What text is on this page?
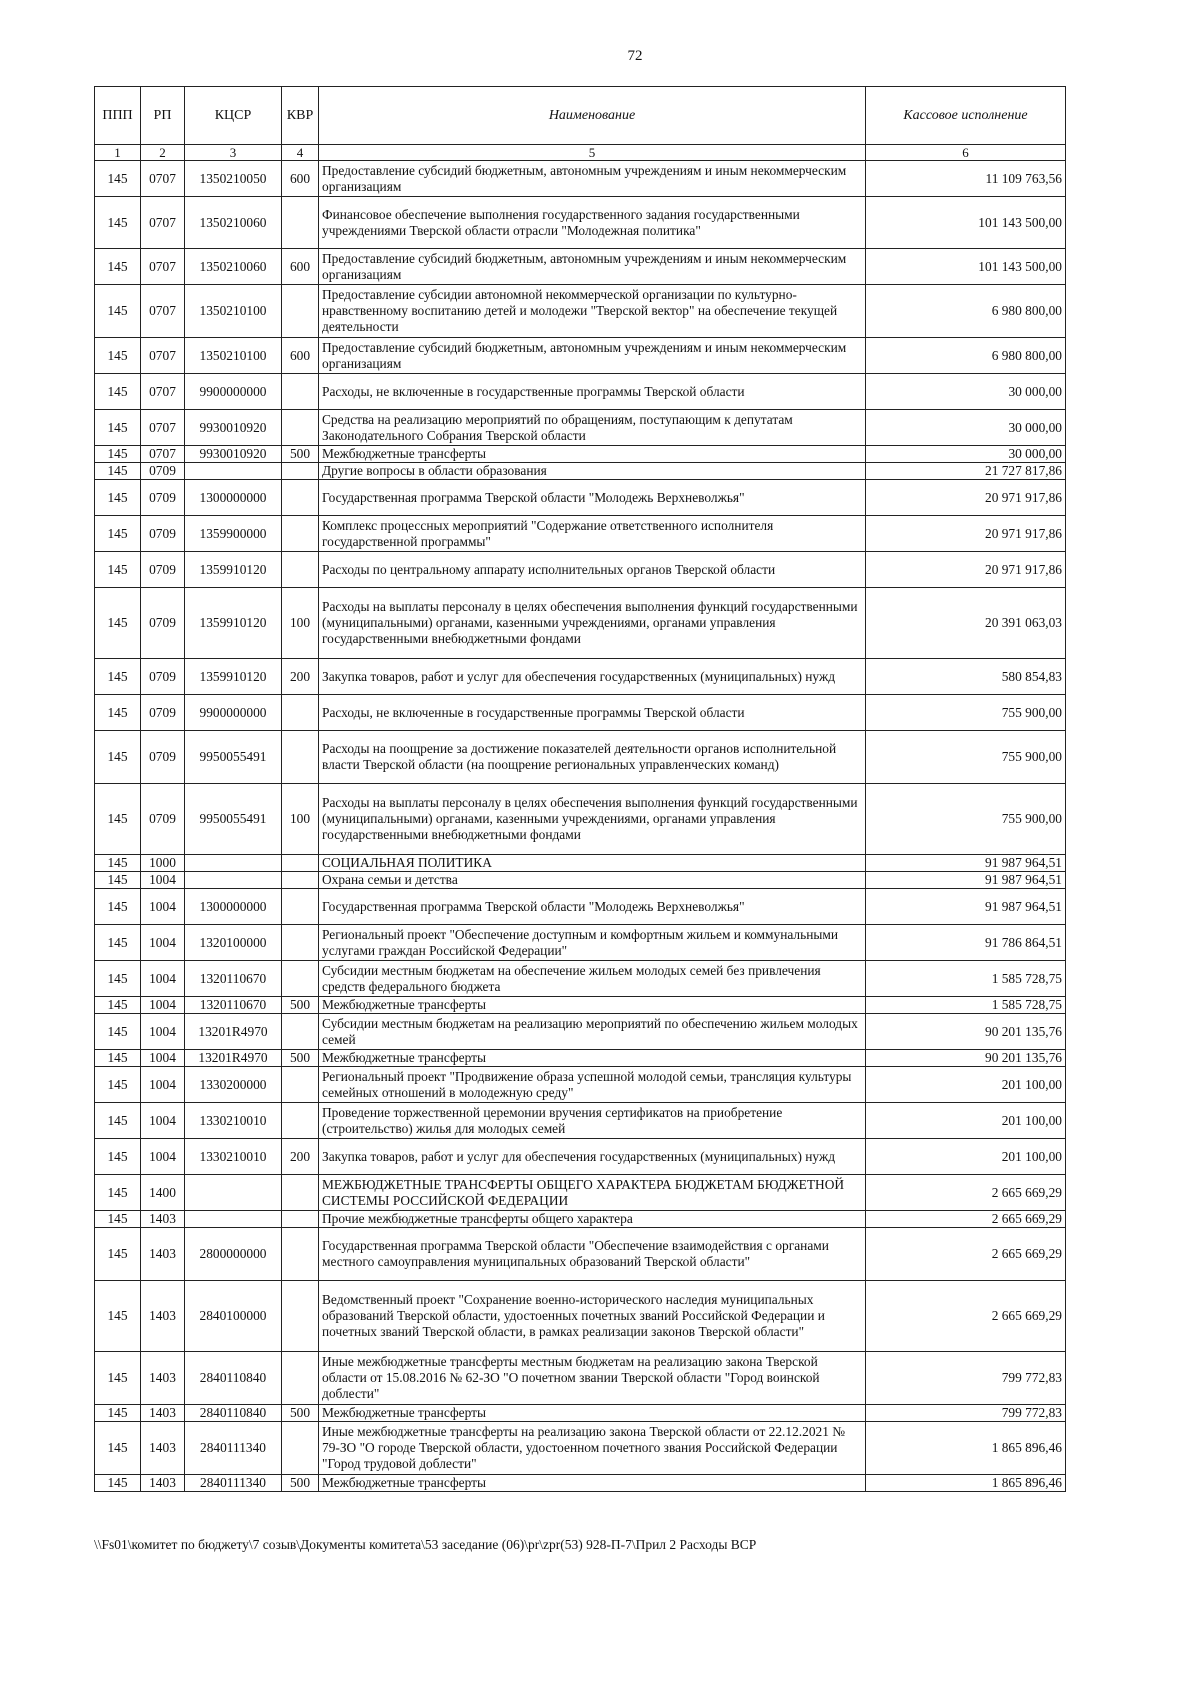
72
ППП	РП	КЦСР	КВР	Наименование	Кассовое исполнение
1	2	3	4	5	6
145	0707	1350210050	600	Предоставление субсидий бюджетным, автономным учреждениям и иным некоммерческим организациям	11 109 763,56
145	0707	1350210060		Финансовое обеспечение выполнения государственного задания государственными учреждениями Тверской области отрасли "Молодежная политика"	101 143 500,00
145	0707	1350210060	600	Предоставление субсидий бюджетным, автономным учреждениям и иным некоммерческим организациям	101 143 500,00
145	0707	1350210100		Предоставление субсидии автономной некоммерческой организации по культурно-нравственному воспитанию детей и молодежи "Тверской вектор" на обеспечение текущей деятельности	6 980 800,00
145	0707	1350210100	600	Предоставление субсидий бюджетным, автономным учреждениям и иным некоммерческим организациям	6 980 800,00
145	0707	9900000000		Расходы, не включенные в государственные программы Тверской области	30 000,00
145	0707	9930010920		Средства на реализацию мероприятий по обращениям, поступающим к депутатам Законодательного Собрания Тверской области	30 000,00
145	0707	9930010920	500	Межбюджетные трансферты	30 000,00
145	0709			Другие вопросы в области образования	21 727 817,86
145	0709	1300000000		Государственная программа Тверской области "Молодежь Верхневолжья"	20 971 917,86
145	0709	1359900000		Комплекс процессных мероприятий "Содержание ответственного исполнителя государственной программы"	20 971 917,86
145	0709	1359910120		Расходы по центральному аппарату исполнительных органов Тверской области	20 971 917,86
145	0709	1359910120	100	Расходы на выплаты персоналу в целях обеспечения выполнения функций государственными (муниципальными) органами, казенными учреждениями, органами управления государственными внебюджетными фондами	20 391 063,03
145	0709	1359910120	200	Закупка товаров, работ и услуг для обеспечения государственных (муниципальных) нужд	580 854,83
145	0709	9900000000		Расходы, не включенные в государственные программы Тверской области	755 900,00
145	0709	9950055491		Расходы на поощрение за достижение показателей деятельности органов исполнительной власти Тверской области (на поощрение региональных управленческих команд)	755 900,00
145	0709	9950055491	100	Расходы на выплаты персоналу в целях обеспечения выполнения функций государственными (муниципальными) органами, казенными учреждениями, органами управления государственными внебюджетными фондами	755 900,00
145	1000			СОЦИАЛЬНАЯ ПОЛИТИКА	91 987 964,51
145	1004			Охрана семьи и детства	91 987 964,51
145	1004	1300000000		Государственная программа Тверской области "Молодежь Верхневолжья"	91 987 964,51
145	1004	1320100000		Региональный проект "Обеспечение доступным и комфортным жильем и коммунальными услугами граждан Российской Федерации"	91 786 864,51
145	1004	1320110670		Субсидии местным бюджетам на обеспечение жильем молодых семей без привлечения средств федерального бюджета	1 585 728,75
145	1004	1320110670	500	Межбюджетные трансферты	1 585 728,75
145	1004	13201R4970		Субсидии местным бюджетам на реализацию мероприятий по обеспечению жильем молодых семей	90 201 135,76
145	1004	13201R4970	500	Межбюджетные трансферты	90 201 135,76
145	1004	1330200000		Региональный проект "Продвижение образа успешной молодой семьи, трансляция культуры семейных отношений в молодежную среду"	201 100,00
145	1004	1330210010		Проведение торжественной церемонии вручения сертификатов на приобретение (строительство) жилья для молодых семей	201 100,00
145	1004	1330210010	200	Закупка товаров, работ и услуг для обеспечения государственных (муниципальных) нужд	201 100,00
145	1400			МЕЖБЮДЖЕТНЫЕ ТРАНСФЕРТЫ ОБЩЕГО ХАРАКТЕРА БЮДЖЕТАМ БЮДЖЕТНОЙ СИСТЕМЫ РОССИЙСКОЙ ФЕДЕРАЦИИ	2 665 669,29
145	1403			Прочие межбюджетные трансферты общего характера	2 665 669,29
145	1403	2800000000		Государственная программа Тверской области "Обеспечение взаимодействия с органами местного самоуправления муниципальных образований Тверской области"	2 665 669,29
145	1403	2840100000		Ведомственный проект "Сохранение военно-исторического наследия муниципальных образований Тверской области, удостоенных почетных званий Российской Федерации и почетных званий Тверской области, в рамках реализации законов Тверской области"	2 665 669,29
145	1403	2840110840		Иные межбюджетные трансферты местным бюджетам на реализацию закона Тверской области от 15.08.2016 № 62-ЗО "О почетном звании Тверской области "Город воинской доблести"	799 772,83
145	1403	2840110840	500	Межбюджетные трансферты	799 772,83
145	1403	2840111340		Иные межбюджетные трансферты на реализацию закона Тверской области от 22.12.2021 № 79-ЗО "О городе Тверской области, удостоенном почетного звания Российской Федерации "Город трудовой доблести"	1 865 896,46
145	1403	2840111340	500	Межбюджетные трансферты	1 865 896,46
\\Fs01\комитет по бюджету\7 созыв\Документы комитета\53 заседание (06)\pr\zpr(53) 928-П-7\Прил 2 Расходы ВСР
